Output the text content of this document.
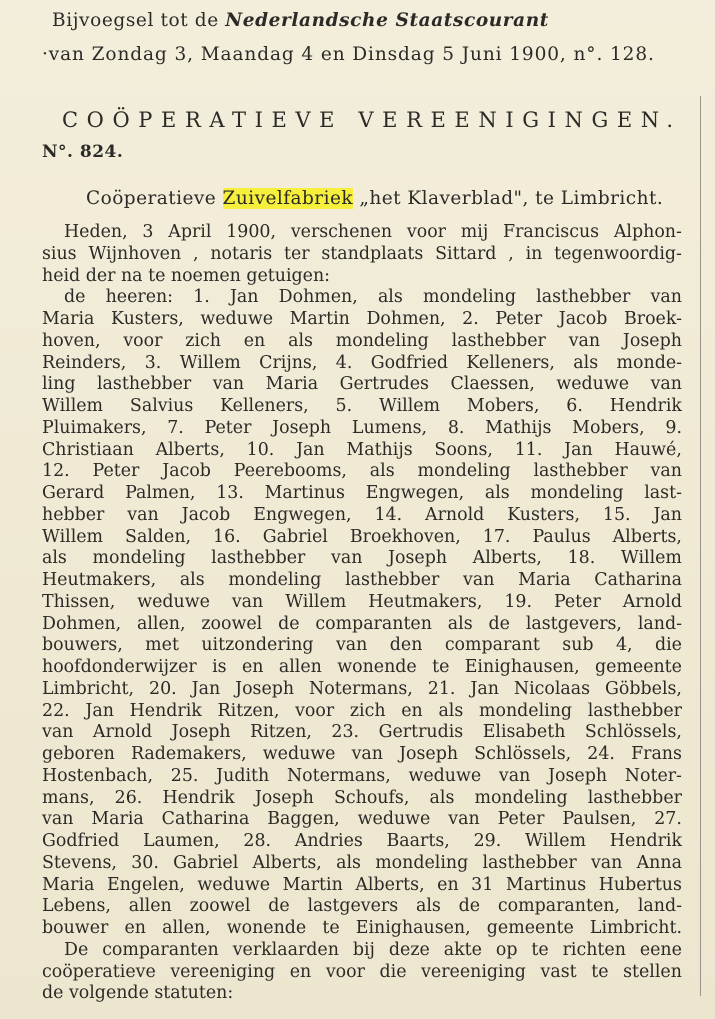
Bijvoegsel tot de Nederlandsche Staatscourant
·van Zondag 3, Maandag 4 en Dinsdag 5 Juni 1900, n°. 128.
COÖPERATIEVE VEREENIGINGEN.
N°. 824.
Coöperatieve Zuivelfabriek „het Klaverblad", te Limbricht.
Heden, 3 April 1900, verschenen voor mij Franciscus Alphon-
sius Wijnhoven , notaris ter standplaats Sittard , in tegenwoordig-
heid der na te noemen getuigen:
de heeren: 1. Jan Dohmen, als mondeling lasthebber van
Maria Kusters, weduwe Martin Dohmen, 2. Peter Jacob Broek-
hoven, voor zich en als mondeling lasthebber van Joseph
Reinders, 3. Willem Crijns, 4. Godfried Kelleners, als monde-
ling lasthebber van Maria Gertrudes Claessen, weduwe van
Willem Salvius Kelleners, 5. Willem Mobers, 6. Hendrik
Pluimakers, 7. Peter Joseph Lumens, 8. Mathijs Mobers, 9.
Christiaan Alberts, 10. Jan Mathijs Soons, 11. Jan Hauwé,
12. Peter Jacob Peerebooms, als mondeling lasthebber van
Gerard Palmen, 13. Martinus Engwegen, als mondeling last-
hebber van Jacob Engwegen, 14. Arnold Kusters, 15. Jan
Willem Salden, 16. Gabriel Broekhoven, 17. Paulus Alberts,
als mondeling lasthebber van Joseph Alberts, 18. Willem
Heutmakers, als mondeling lasthebber van Maria Catharina
Thissen, weduwe van Willem Heutmakers, 19. Peter Arnold
Dohmen, allen, zoowel de comparanten als de lastgevers, land-
bouwers, met uitzondering van den comparant sub 4, die
hoofdonderwijzer is en allen wonende te Einighausen, gemeente
Limbricht, 20. Jan Joseph Notermans, 21. Jan Nicolaas Göbbels,
22. Jan Hendrik Ritzen, voor zich en als mondeling lasthebber
van Arnold Joseph Ritzen, 23. Gertrudis Elisabeth Schlössels,
geboren Rademakers, weduwe van Joseph Schlössels, 24. Frans
Hostenbach, 25. Judith Notermans, weduwe van Joseph Noter-
mans, 26. Hendrik Joseph Schoufs, als mondeling lasthebber
van Maria Catharina Baggen, weduwe van Peter Paulsen, 27.
Godfried Laumen, 28. Andries Baarts, 29. Willem Hendrik
Stevens, 30. Gabriel Alberts, als mondeling lasthebber van Anna
Maria Engelen, weduwe Martin Alberts, en 31 Martinus Hubertus
Lebens, allen zoowel de lastgevers als de comparanten, land-
bouwer en allen, wonende te Einighausen, gemeente Limbricht.
De comparanten verklaarden bij deze akte op te richten eene
coöperatieve vereeniging en voor die vereeniging vast te stellen
de volgende statuten:
